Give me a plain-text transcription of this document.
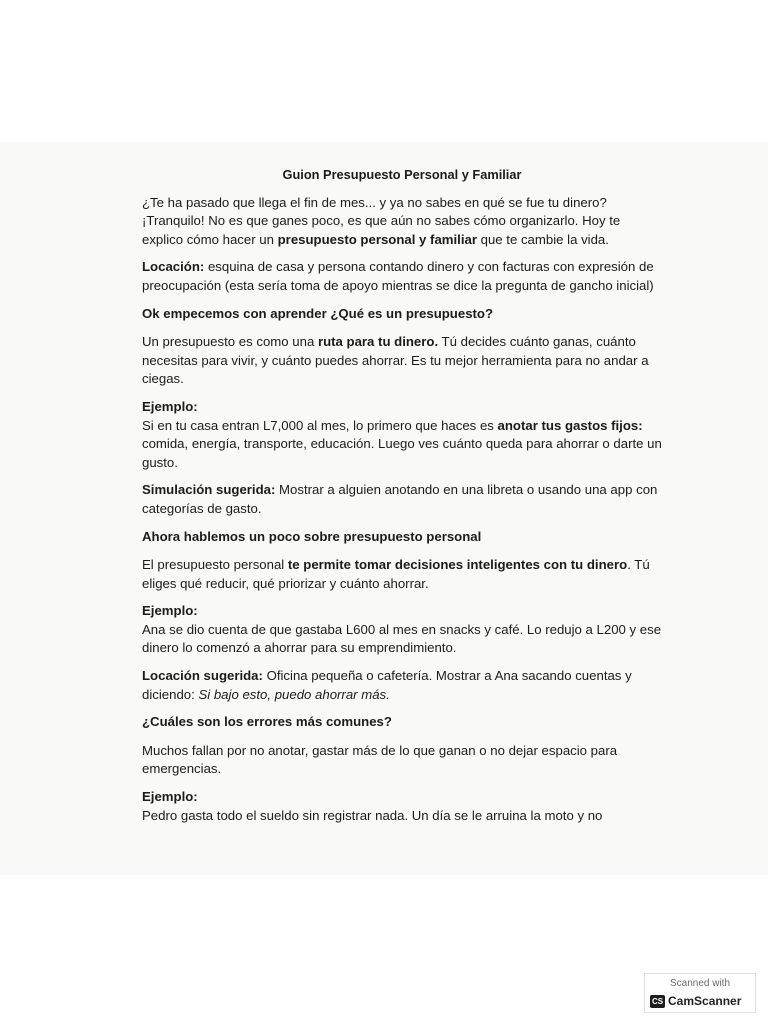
Guion Presupuesto Personal y Familiar

¿Te ha pasado que llega el fin de mes... y ya no sabes en qué se fue tu dinero? ¡Tranquilo! No es que ganes poco, es que aún no sabes cómo organizarlo. Hoy te explico cómo hacer un presupuesto personal y familiar que te cambie la vida.

Locación: esquina de casa y persona contando dinero y con facturas con expresión de preocupación (esta sería toma de apoyo mientras se dice la pregunta de gancho inicial)

Ok empecemos con aprender ¿Qué es un presupuesto?

Un presupuesto es como una ruta para tu dinero. Tú decides cuánto ganas, cuánto necesitas para vivir, y cuánto puedes ahorrar. Es tu mejor herramienta para no andar a ciegas.

Ejemplo:
Si en tu casa entran L7,000 al mes, lo primero que haces es anotar tus gastos fijos: comida, energía, transporte, educación. Luego ves cuánto queda para ahorrar o darte un gusto.

Simulación sugerida: Mostrar a alguien anotando en una libreta o usando una app con categorías de gasto.

Ahora hablemos un poco sobre presupuesto personal

El presupuesto personal te permite tomar decisiones inteligentes con tu dinero. Tú eliges qué reducir, qué priorizar y cuánto ahorrar.

Ejemplo:
Ana se dio cuenta de que gastaba L600 al mes en snacks y café. Lo redujo a L200 y ese dinero lo comenzó a ahorrar para su emprendimiento.

Locación sugerida: Oficina pequeña o cafetería. Mostrar a Ana sacando cuentas y diciendo: Si bajo esto, puedo ahorrar más.

¿Cuáles son los errores más comunes?

Muchos fallan por no anotar, gastar más de lo que ganan o no dejar espacio para emergencias.

Ejemplo:
Pedro gasta todo el sueldo sin registrar nada. Un día se le arruina la moto y no

Scanned with
CS CamScanner
